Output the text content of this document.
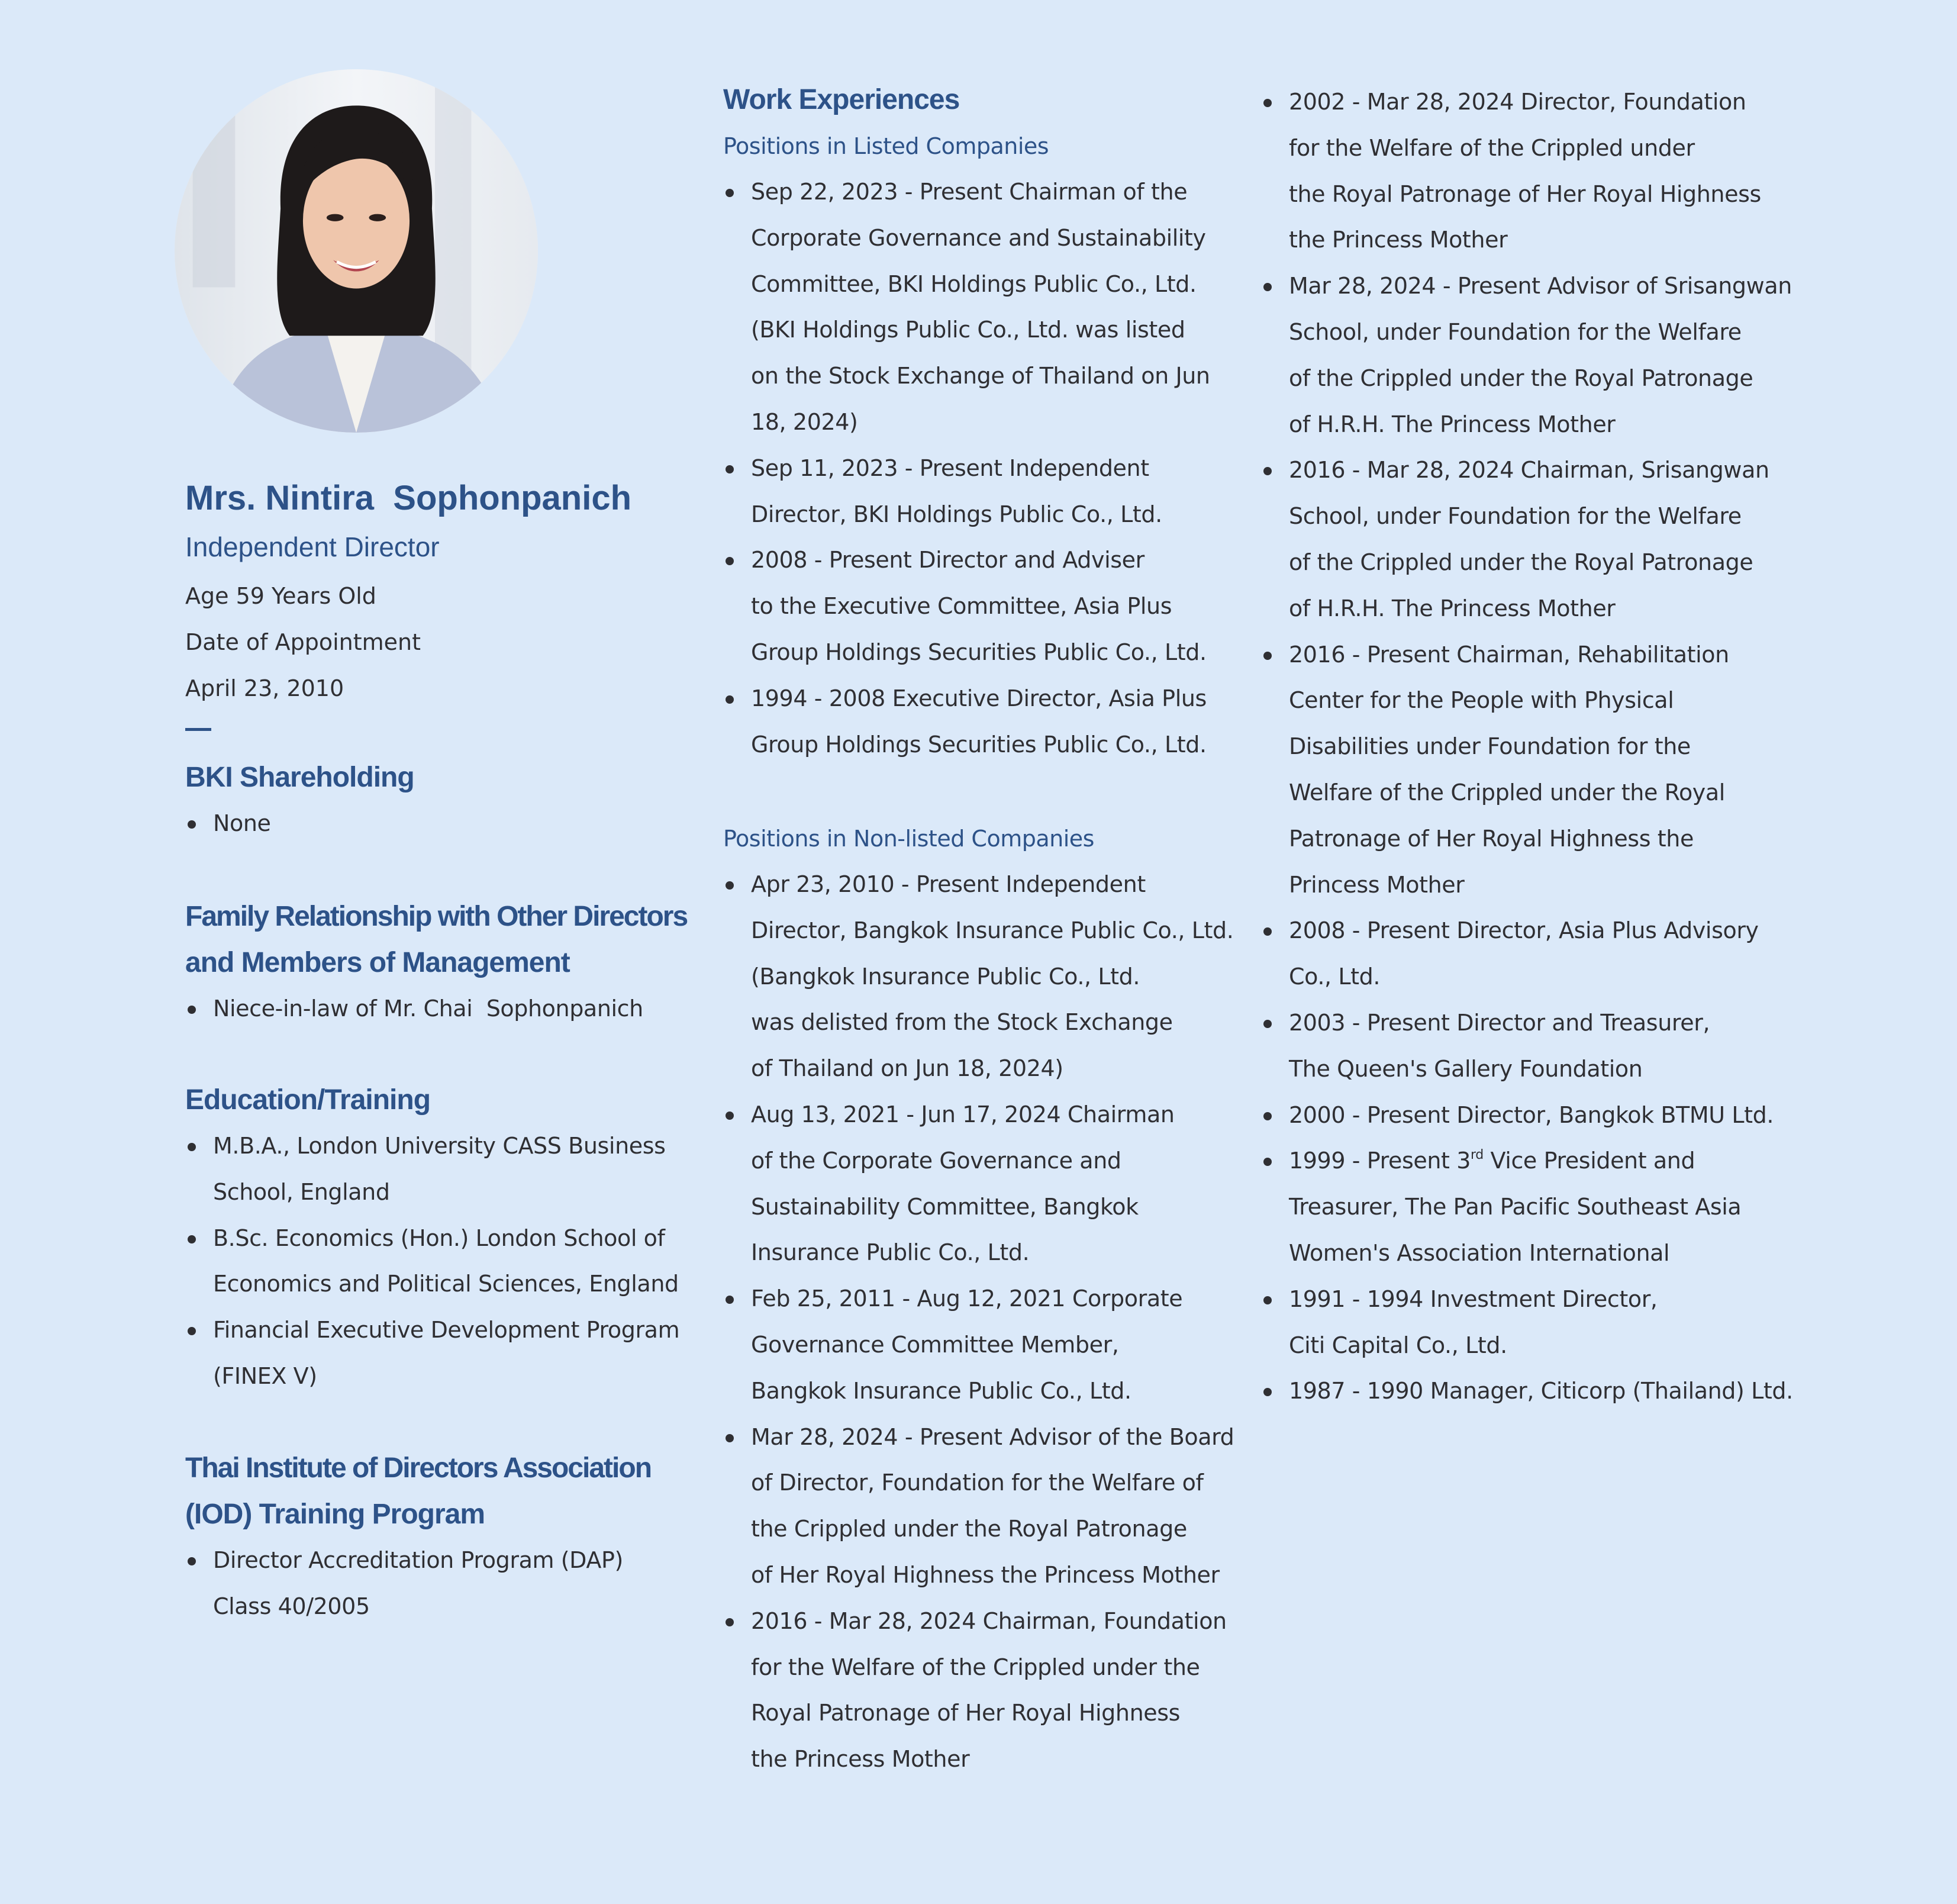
Mrs. Nintira  Sophonpanich
Independent Director
Age 59 Years Old
Date of Appointment
April 23, 2010
BKI Shareholding
None
Family Relationship with Other Directors
and Members of Management
Niece-in-law of Mr. Chai  Sophonpanich
Education/Training
M.B.A., London University CASS Business
School, England
B.Sc. Economics (Hon.) London School of
Economics and Political Sciences, England
Financial Executive Development Program
(FINEX V)
Thai Institute of Directors Association
(IOD) Training Program
Director Accreditation Program (DAP)
Class 40/2005
Work Experiences
Positions in Listed Companies
Sep 22, 2023 - Present Chairman of the
Corporate Governance and Sustainability
Committee, BKI Holdings Public Co., Ltd.
(BKI Holdings Public Co., Ltd. was listed
on the Stock Exchange of Thailand on Jun
18, 2024)
Sep 11, 2023 - Present Independent
Director, BKI Holdings Public Co., Ltd.
2008 - Present Director and Adviser
to the Executive Committee, Asia Plus
Group Holdings Securities Public Co., Ltd.
1994 - 2008 Executive Director, Asia Plus
Group Holdings Securities Public Co., Ltd.
Positions in Non-listed Companies
Apr 23, 2010 - Present Independent
Director, Bangkok Insurance Public Co., Ltd.
(Bangkok Insurance Public Co., Ltd.
was delisted from the Stock Exchange
of Thailand on Jun 18, 2024)
Aug 13, 2021 - Jun 17, 2024 Chairman
of the Corporate Governance and
Sustainability Committee, Bangkok
Insurance Public Co., Ltd.
Feb 25, 2011 - Aug 12, 2021 Corporate
Governance Committee Member,
Bangkok Insurance Public Co., Ltd.
Mar 28, 2024 - Present Advisor of the Board
of Director, Foundation for the Welfare of
the Crippled under the Royal Patronage
of Her Royal Highness the Princess Mother
2016 - Mar 28, 2024 Chairman, Foundation
for the Welfare of the Crippled under the
Royal Patronage of Her Royal Highness
the Princess Mother
2002 - Mar 28, 2024 Director, Foundation
for the Welfare of the Crippled under
the Royal Patronage of Her Royal Highness
the Princess Mother
Mar 28, 2024 - Present Advisor of Srisangwan
School, under Foundation for the Welfare
of the Crippled under the Royal Patronage
of H.R.H. The Princess Mother
2016 - Mar 28, 2024 Chairman, Srisangwan
School, under Foundation for the Welfare
of the Crippled under the Royal Patronage
of H.R.H. The Princess Mother
2016 - Present Chairman, Rehabilitation
Center for the People with Physical
Disabilities under Foundation for the
Welfare of the Crippled under the Royal
Patronage of Her Royal Highness the
Princess Mother
2008 - Present Director, Asia Plus Advisory
Co., Ltd.
2003 - Present Director and Treasurer,
The Queen's Gallery Foundation
2000 - Present Director, Bangkok BTMU Ltd.
1999 - Present 3rd Vice President and
Treasurer, The Pan Pacific Southeast Asia
Women's Association International
1991 - 1994 Investment Director,
Citi Capital Co., Ltd.
1987 - 1990 Manager, Citicorp (Thailand) Ltd.
